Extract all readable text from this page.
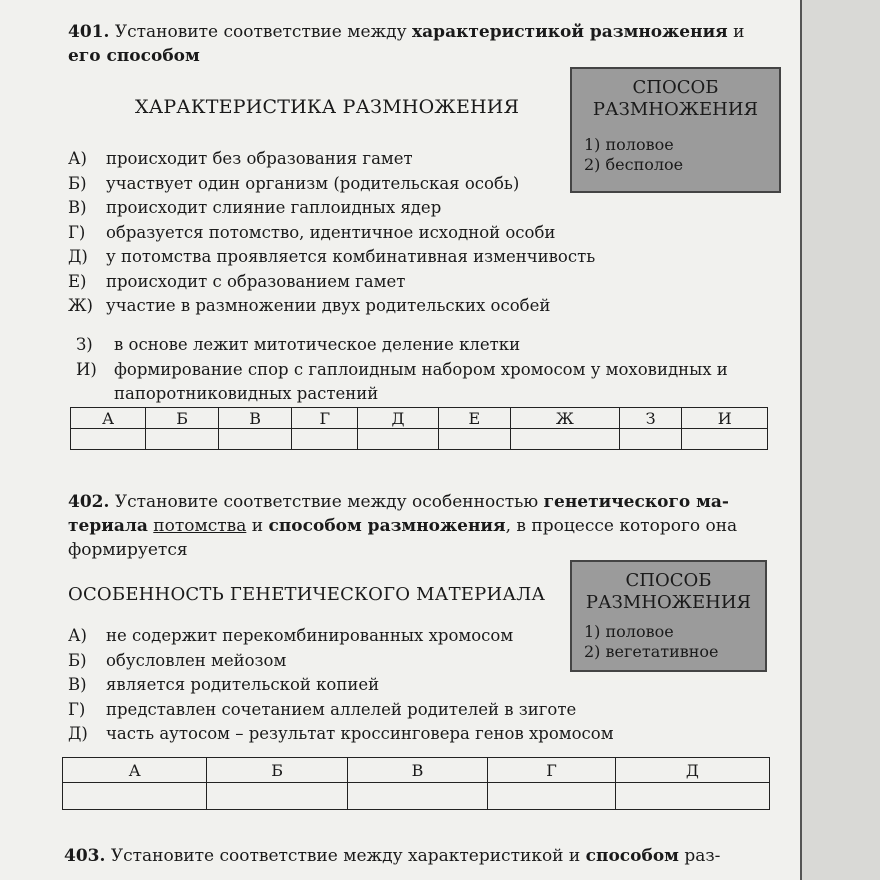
401. Установите соответствие между характеристикой размножения и
его способом
ХАРАКТЕРИСТИКА РАЗМНОЖЕНИЯ
СПОСОБ
РАЗМНОЖЕНИЯ
1) половое
2) бесполое
А) происходит без образования гамет
Б) участвует один организм (родительская особь)
В) происходит слияние гаплоидных ядер
Г) образуется потомство, идентичное исходной особи
Д) у потомства проявляется комбинативная изменчивость
Е) происходит с образованием гамет
Ж) участие в размножении двух родительских особей
З) в основе лежит митотическое деление клетки
И) формирование спор с гаплоидным набором хромосом у моховидных и
папоротниковидных растений
А	Б	В	Г	Д	Е	Ж	З	И

402. Установите соответствие между особенностью генетического ма-
териала потомства и способом размножения, в процессе которого она
формируется
ОСОБЕННОСТЬ ГЕНЕТИЧЕСКОГО МАТЕРИАЛА
СПОСОБ
РАЗМНОЖЕНИЯ
1) половое
2) вегетативное
А) не содержит перекомбинированных хромосом
Б) обусловлен мейозом
В) является родительской копией
Г) представлен сочетанием аллелей родителей в зиготе
Д) часть аутосом – результат кроссинговера генов хромосом
А	Б	В	Г	Д

403. Установите соответствие между характеристикой и способом раз-
